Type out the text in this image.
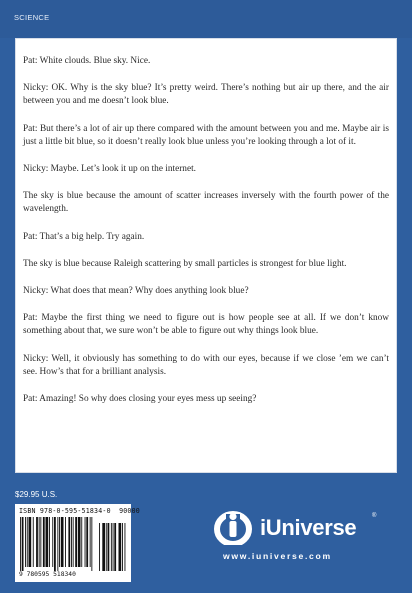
SCIENCE

Pat: White clouds. Blue sky. Nice.

Nicky: OK. Why is the sky blue? It’s pretty weird. There’s nothing but air up there, and the air between you and me doesn’t look blue.

Pat: But there’s a lot of air up there compared with the amount between you and me. Maybe air is just a little bit blue, so it doesn’t really look blue unless you’re looking through a lot of it.

Nicky: Maybe. Let’s look it up on the internet.

The sky is blue because the amount of scatter increases inversely with the fourth power of the wavelength.

Pat: That’s a big help. Try again.

The sky is blue because Raleigh scattering by small particles is strongest for blue light.

Nicky: What does that mean? Why does anything look blue?

Pat: Maybe the first thing we need to figure out is how people see at all. If we don’t know something about that, we sure won’t be able to figure out why things look blue.

Nicky: Well, it obviously has something to do with our eyes, because if we close ’em we can’t see. How’s that for a brilliant analysis.

Pat: Amazing! So why does closing your eyes mess up seeing?

$29.95 U.S.
ISBN 978-0-595-51834-0 90000
9 780595 518340
iUniverse	®
www.iuniverse.com
